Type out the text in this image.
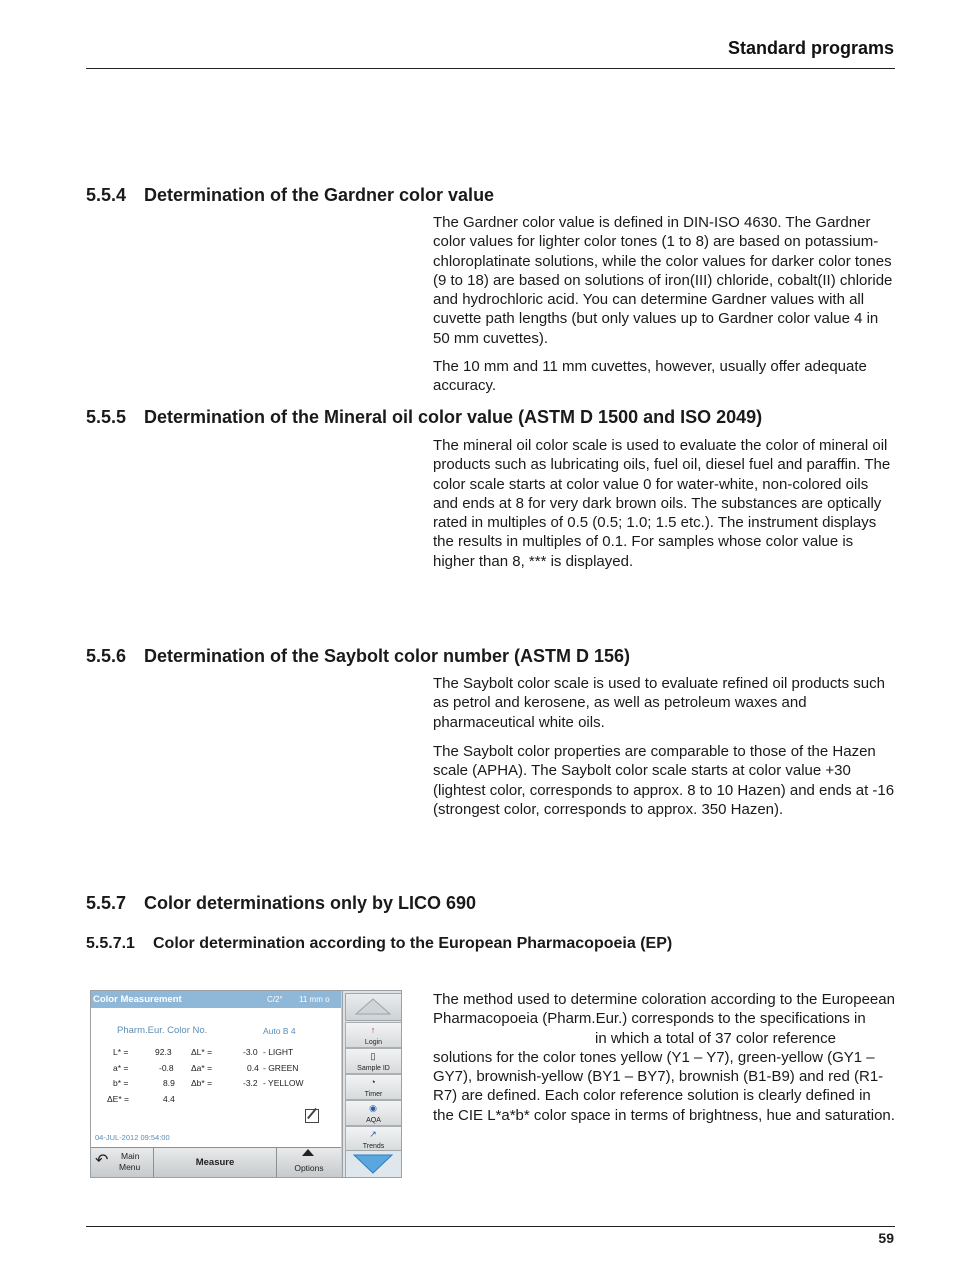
Standard programs
5.5.4 Determination of the Gardner color value
The Gardner color value is defined in DIN-ISO 4630. The Gardner color values for lighter color tones (1 to 8) are based on potassium-chloroplatinate solutions, while the color values for darker color tones (9 to 18) are based on solutions of iron(III) chloride, cobalt(II) chloride and hydrochloric acid. You can determine Gardner values with all cuvette path lengths (but only values up to Gardner color value 4 in 50 mm cuvettes).
The 10 mm and 11 mm cuvettes, however, usually offer adequate accuracy.
5.5.5 Determination of the Mineral oil color value (ASTM D 1500 and ISO 2049)
The mineral oil color scale is used to evaluate the color of mineral oil products such as lubricating oils, fuel oil, diesel fuel and paraffin. The color scale starts at color value 0 for water-white, non-colored oils and ends at 8 for very dark brown oils. The substances are optically rated in multiples of 0.5 (0.5; 1.0; 1.5 etc.). The instrument displays the results in multiples of 0.1. For samples whose color value is higher than 8, *** is displayed.
5.5.6 Determination of the Saybolt color number (ASTM D 156)
The Saybolt color scale is used to evaluate refined oil products such as petrol and kerosene, as well as petroleum waxes and pharmaceutical white oils.
The Saybolt color properties are comparable to those of the Hazen scale (APHA). The Saybolt color scale starts at color value +30 (lightest color, corresponds to approx. 8 to 10 Hazen) and ends at -16 (strongest color, corresponds to approx. 350 Hazen).
5.5.7 Color determinations only by LICO 690
5.5.7.1 Color determination according to the European Pharmacopoeia (EP)
The method used to determine coloration according to the Europeean Pharmacopoeia (Pharm.Eur.) corresponds to the specifications in
in which a total of 37 color reference solutions for the color tones yellow (Y1 – Y7), green-yellow (GY1 – GY7), brownish-yellow (BY1 – BY7), brownish (B1-B9) and red (R1-R7) are defined. Each color reference solution is clearly defined in the CIE L*a*b* color space in terms of brightness, hue and saturation.
Color Measurement	C/2° 11 mm o
Pharm.Eur. Color No.	Auto B 4
L* =	92.3 ΔL* =	-3.0 - LIGHT
a* =	-0.8 Δa* =	0.4 - GREEN
b* =	8.9 Δb* =	-3.2 - YELLOW
ΔE* =	4.4
04-JUL-2012 09:54:00
↶ Main
Menu	Measure	Options
↑
Login
▯
Sample ID
◔
Timer
◉
AQA
↗
Trends
59
